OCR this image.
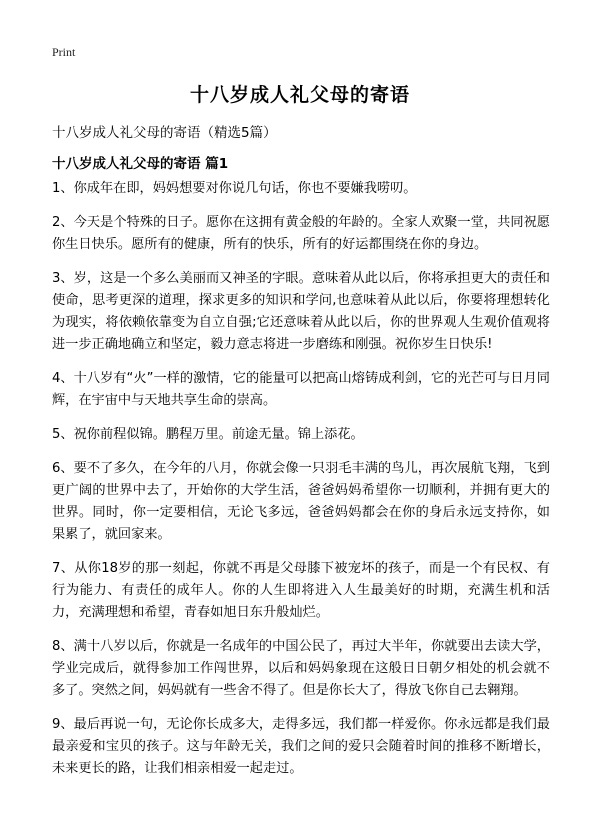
Print
十八岁成人礼父母的寄语
十八岁成人礼父母的寄语（精选5篇）
十八岁成人礼父母的寄语 篇1

1、你成年在即，妈妈想要对你说几句话，你也不要嫌我唠叨。

2、今天是个特殊的日子。愿你在这拥有黄金般的年龄的。全家人欢聚一堂，共同祝愿你生日快乐。愿所有的健康，所有的快乐，所有的好运都围绕在你的身边。

3、岁，这是一个多么美丽而又神圣的字眼。意味着从此以后，你将承担更大的责任和使命，思考更深的道理，探求更多的知识和学问,也意味着从此以后，你要将理想转化为现实，将依赖依靠变为自立自强;它还意味着从此以后，你的世界观人生观价值观将进一步正确地确立和坚定，毅力意志将进一步磨练和刚强。祝你岁生日快乐!

4、十八岁有“火”一样的激情，它的能量可以把高山熔铸成利剑，它的光芒可与日月同辉，在宇宙中与天地共享生命的崇高。

5、祝你前程似锦。鹏程万里。前途无量。锦上添花。

6、要不了多久，在今年的八月，你就会像一只羽毛丰满的鸟儿，再次展航飞翔，飞到更广阔的世界中去了，开始你的大学生活，爸爸妈妈希望你一切顺利，并拥有更大的世界。同时，你一定要相信，无论飞多远，爸爸妈妈都会在你的身后永远支持你，如果累了，就回家来。

7、从你18岁的那一刻起，你就不再是父母膝下被宠坏的孩子，而是一个有民权、有行为能力、有责任的成年人。你的人生即将进入人生最美好的时期，充满生机和活力，充满理想和希望，青春如旭日东升般灿烂。

8、满十八岁以后，你就是一名成年的中国公民了，再过大半年，你就要出去读大学，学业完成后，就得参加工作闯世界，以后和妈妈象现在这般日日朝夕相处的机会就不多了。突然之间，妈妈就有一些舍不得了。但是你长大了，得放飞你自己去翱翔。

9、最后再说一句，无论你长成多大，走得多远，我们都一样爱你。你永远都是我们最最亲爱和宝贝的孩子。这与年龄无关，我们之间的爱只会随着时间的推移不断增长，未来更长的路，让我们相亲相爱一起走过。
